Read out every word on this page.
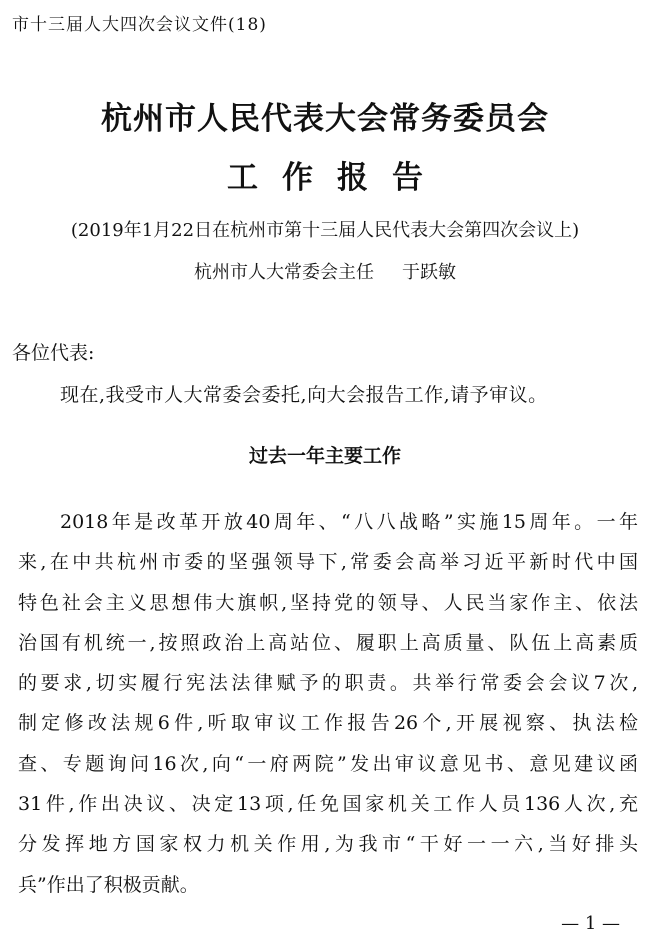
市十三届人大四次会议文件(18)
杭州市人民代表大会常务委员会
工作报告
(2019年1月22日在杭州市第十三届人民代表大会第四次会议上)
杭州市人大常委会主任 于跃敏
各位代表:
现在,我受市人大常委会委托,向大会报告工作,请予审议。
过去一年主要工作
2018年是改革开放40周年、“八八战略”实施15周年。一年
来,在中共杭州市委的坚强领导下,常委会高举习近平新时代中国
特色社会主义思想伟大旗帜,坚持党的领导、人民当家作主、依法
治国有机统一,按照政治上高站位、履职上高质量、队伍上高素质
的要求,切实履行宪法法律赋予的职责。共举行常委会会议7次,
制定修改法规6件,听取审议工作报告26个,开展视察、执法检
查、专题询问16次,向“一府两院”发出审议意见书、意见建议函
31件,作出决议、决定13项,任免国家机关工作人员136人次,充
分发挥地方国家权力机关作用,为我市“干好一一六,当好排头
兵”作出了积极贡献。
— 1 —
